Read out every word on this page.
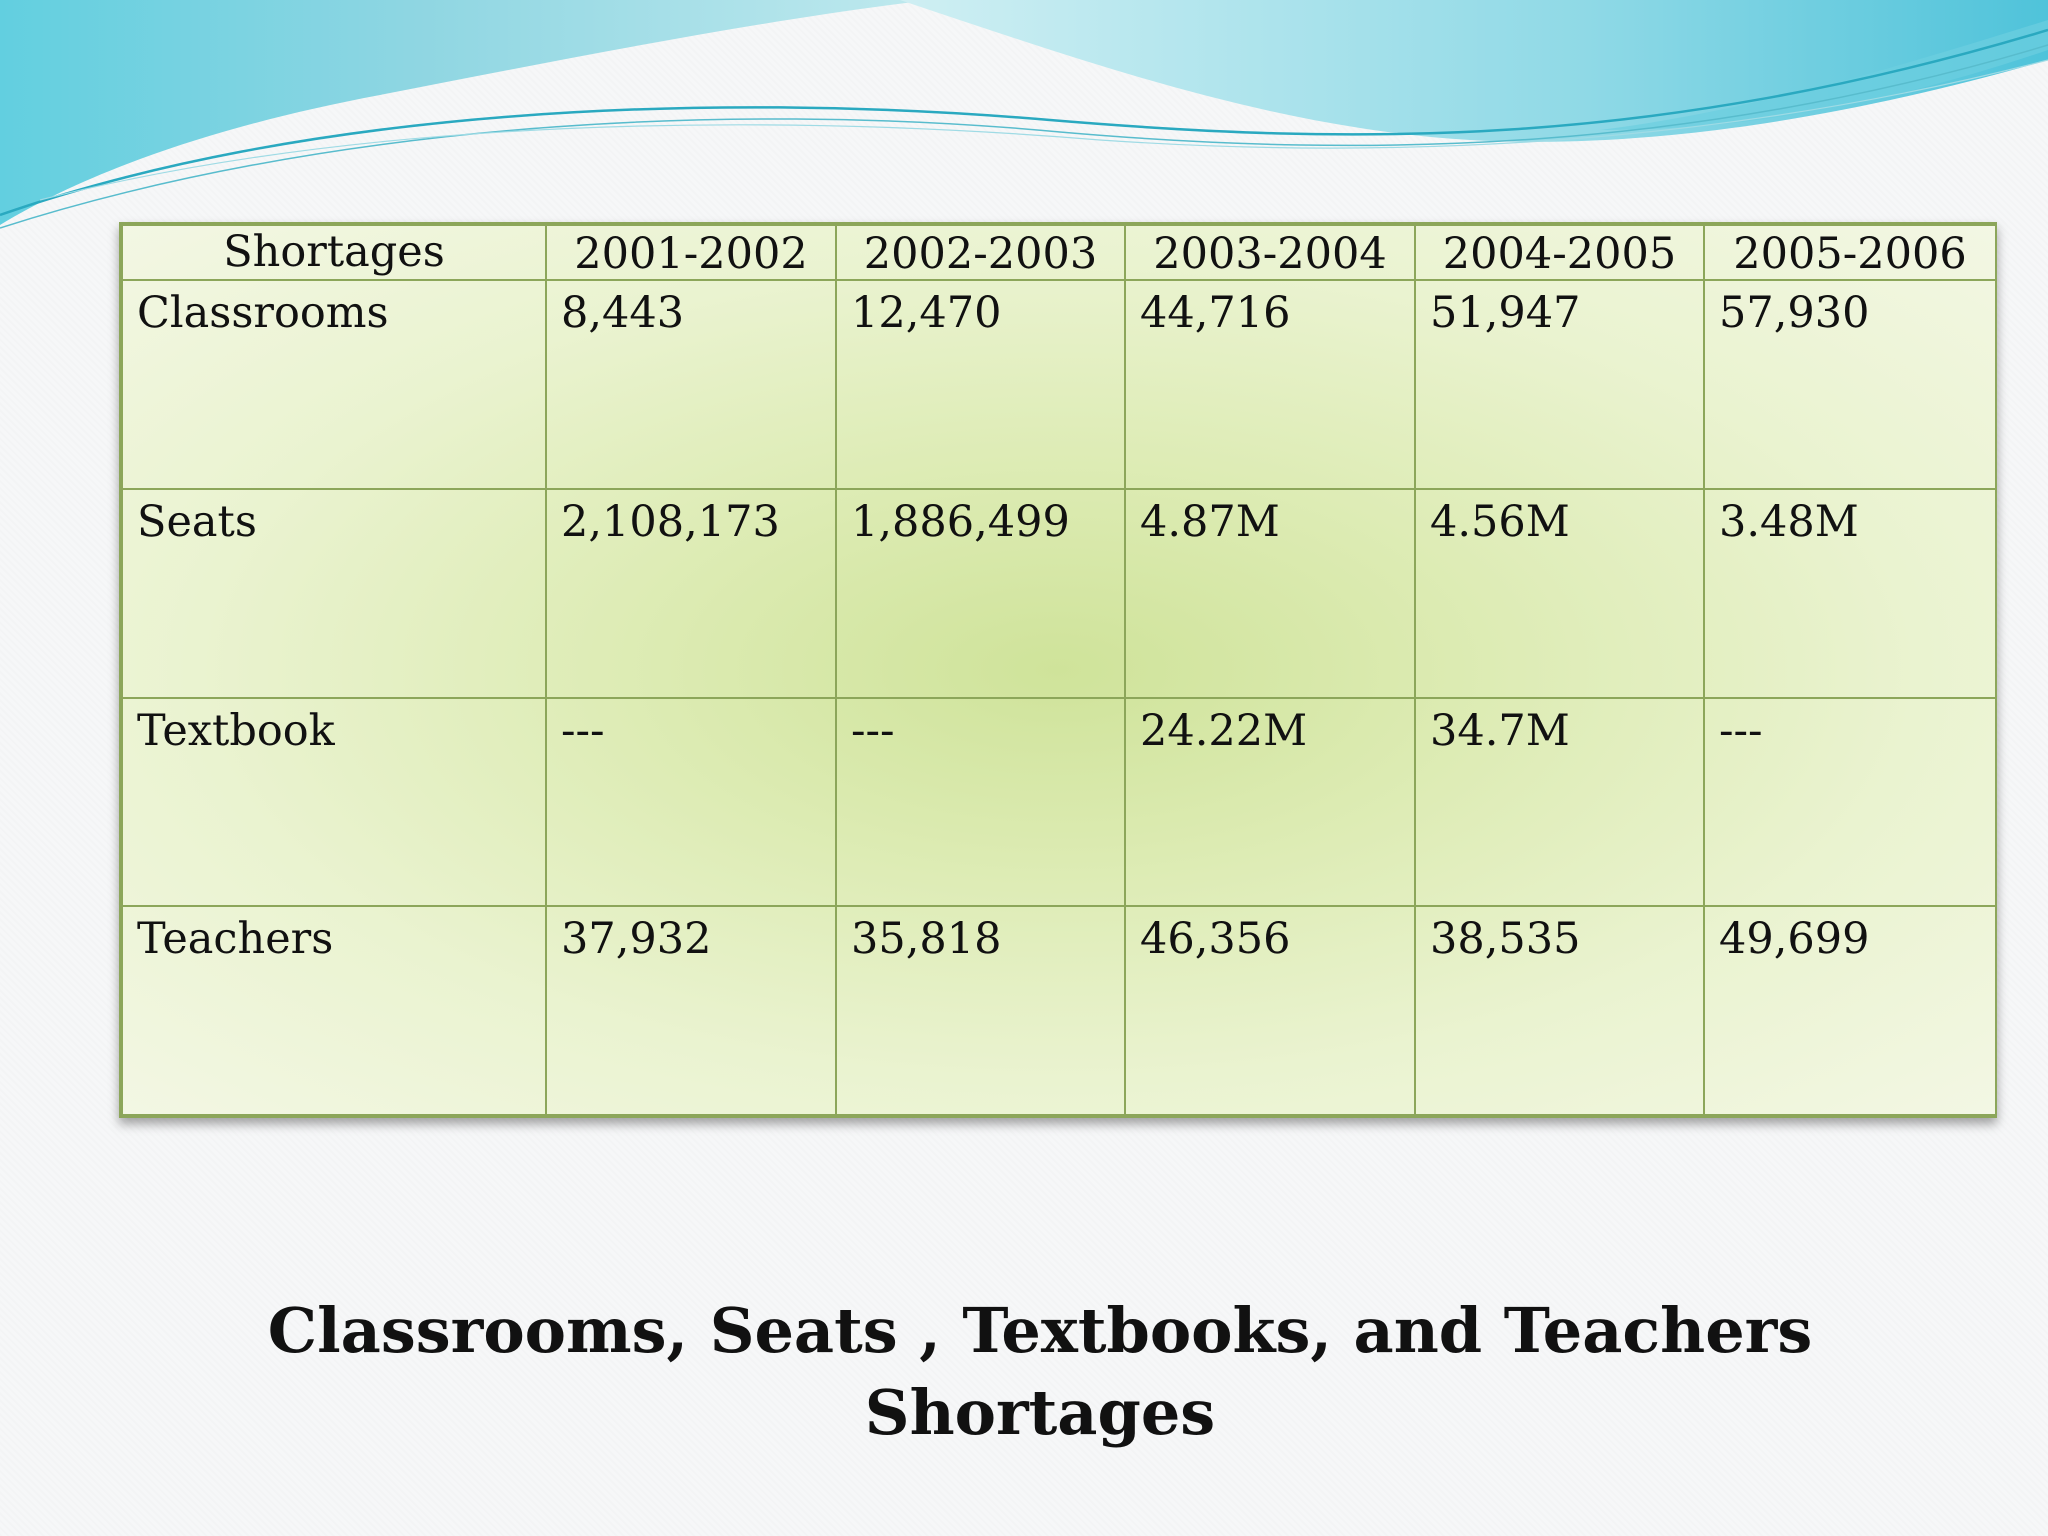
Shortages	2001-2002	2002-2003	2003-2004	2004-2005	2005-2006
Classrooms	8,443	12,470	44,716	51,947	57,930
Seats	2,108,173	1,886,499	4.87M	4.56M	3.48M
Textbook	---	---	24.22M	34.7M	---
Teachers	37,932	35,818	46,356	38,535	49,699
Classrooms, Seats , Textbooks, and Teachers
Shortages
